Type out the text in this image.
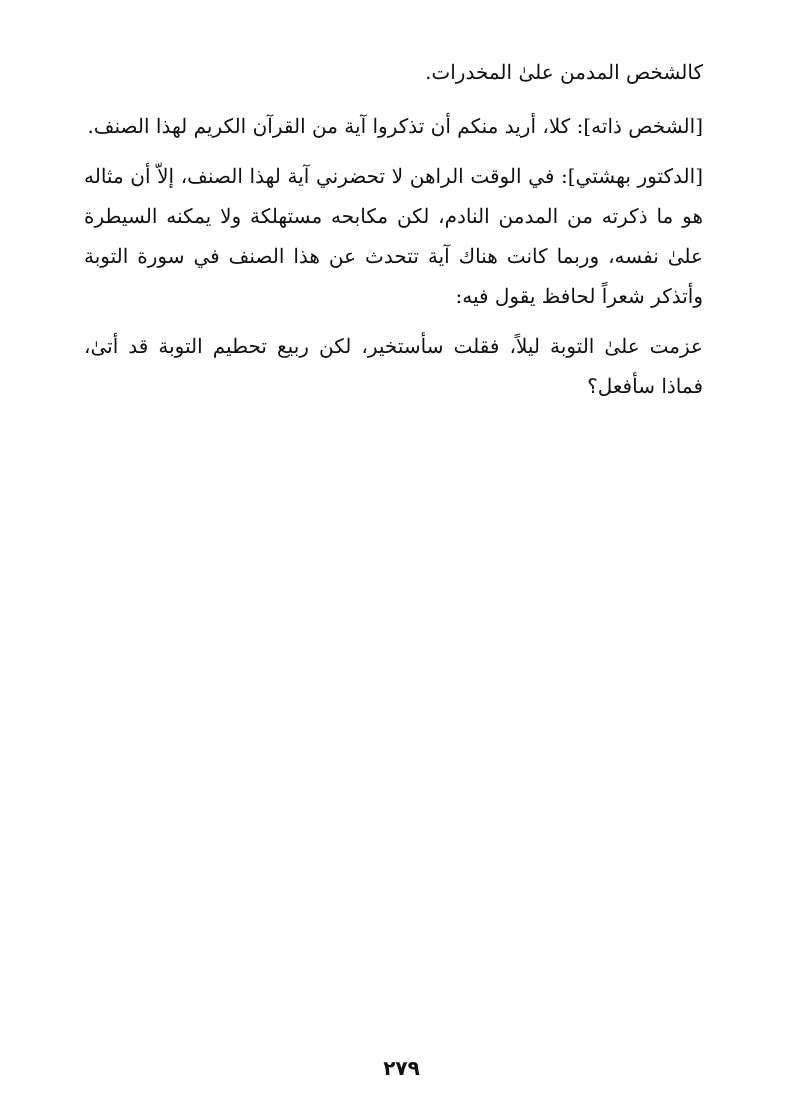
كالشخص المدمن علىٰ المخدرات.

[الشخص ذاته]: كلا، أريد منكم أن تذكروا آية من القرآن الكريم لهذا الصنف.

[الدكتور بهشتي]: في الوقت الراهن لا تحضرني آية لهذا الصنف، إلاّ أن مثاله هو ما ذكرته من المدمن النادم، لكن مكابحه مستهلكة ولا يمكنه السيطرة علىٰ نفسه، وربما كانت هناك آية تتحدث عن هذا الصنف في سورة التوبة وأتذكر شعراً لحافظ يقول فيه:

عزمت علىٰ التوبة ليلاً، فقلت سأستخير، لكن ربيع تحطيم التوبة قد أتىٰ، فماذا سأفعل؟

٢٧٩
